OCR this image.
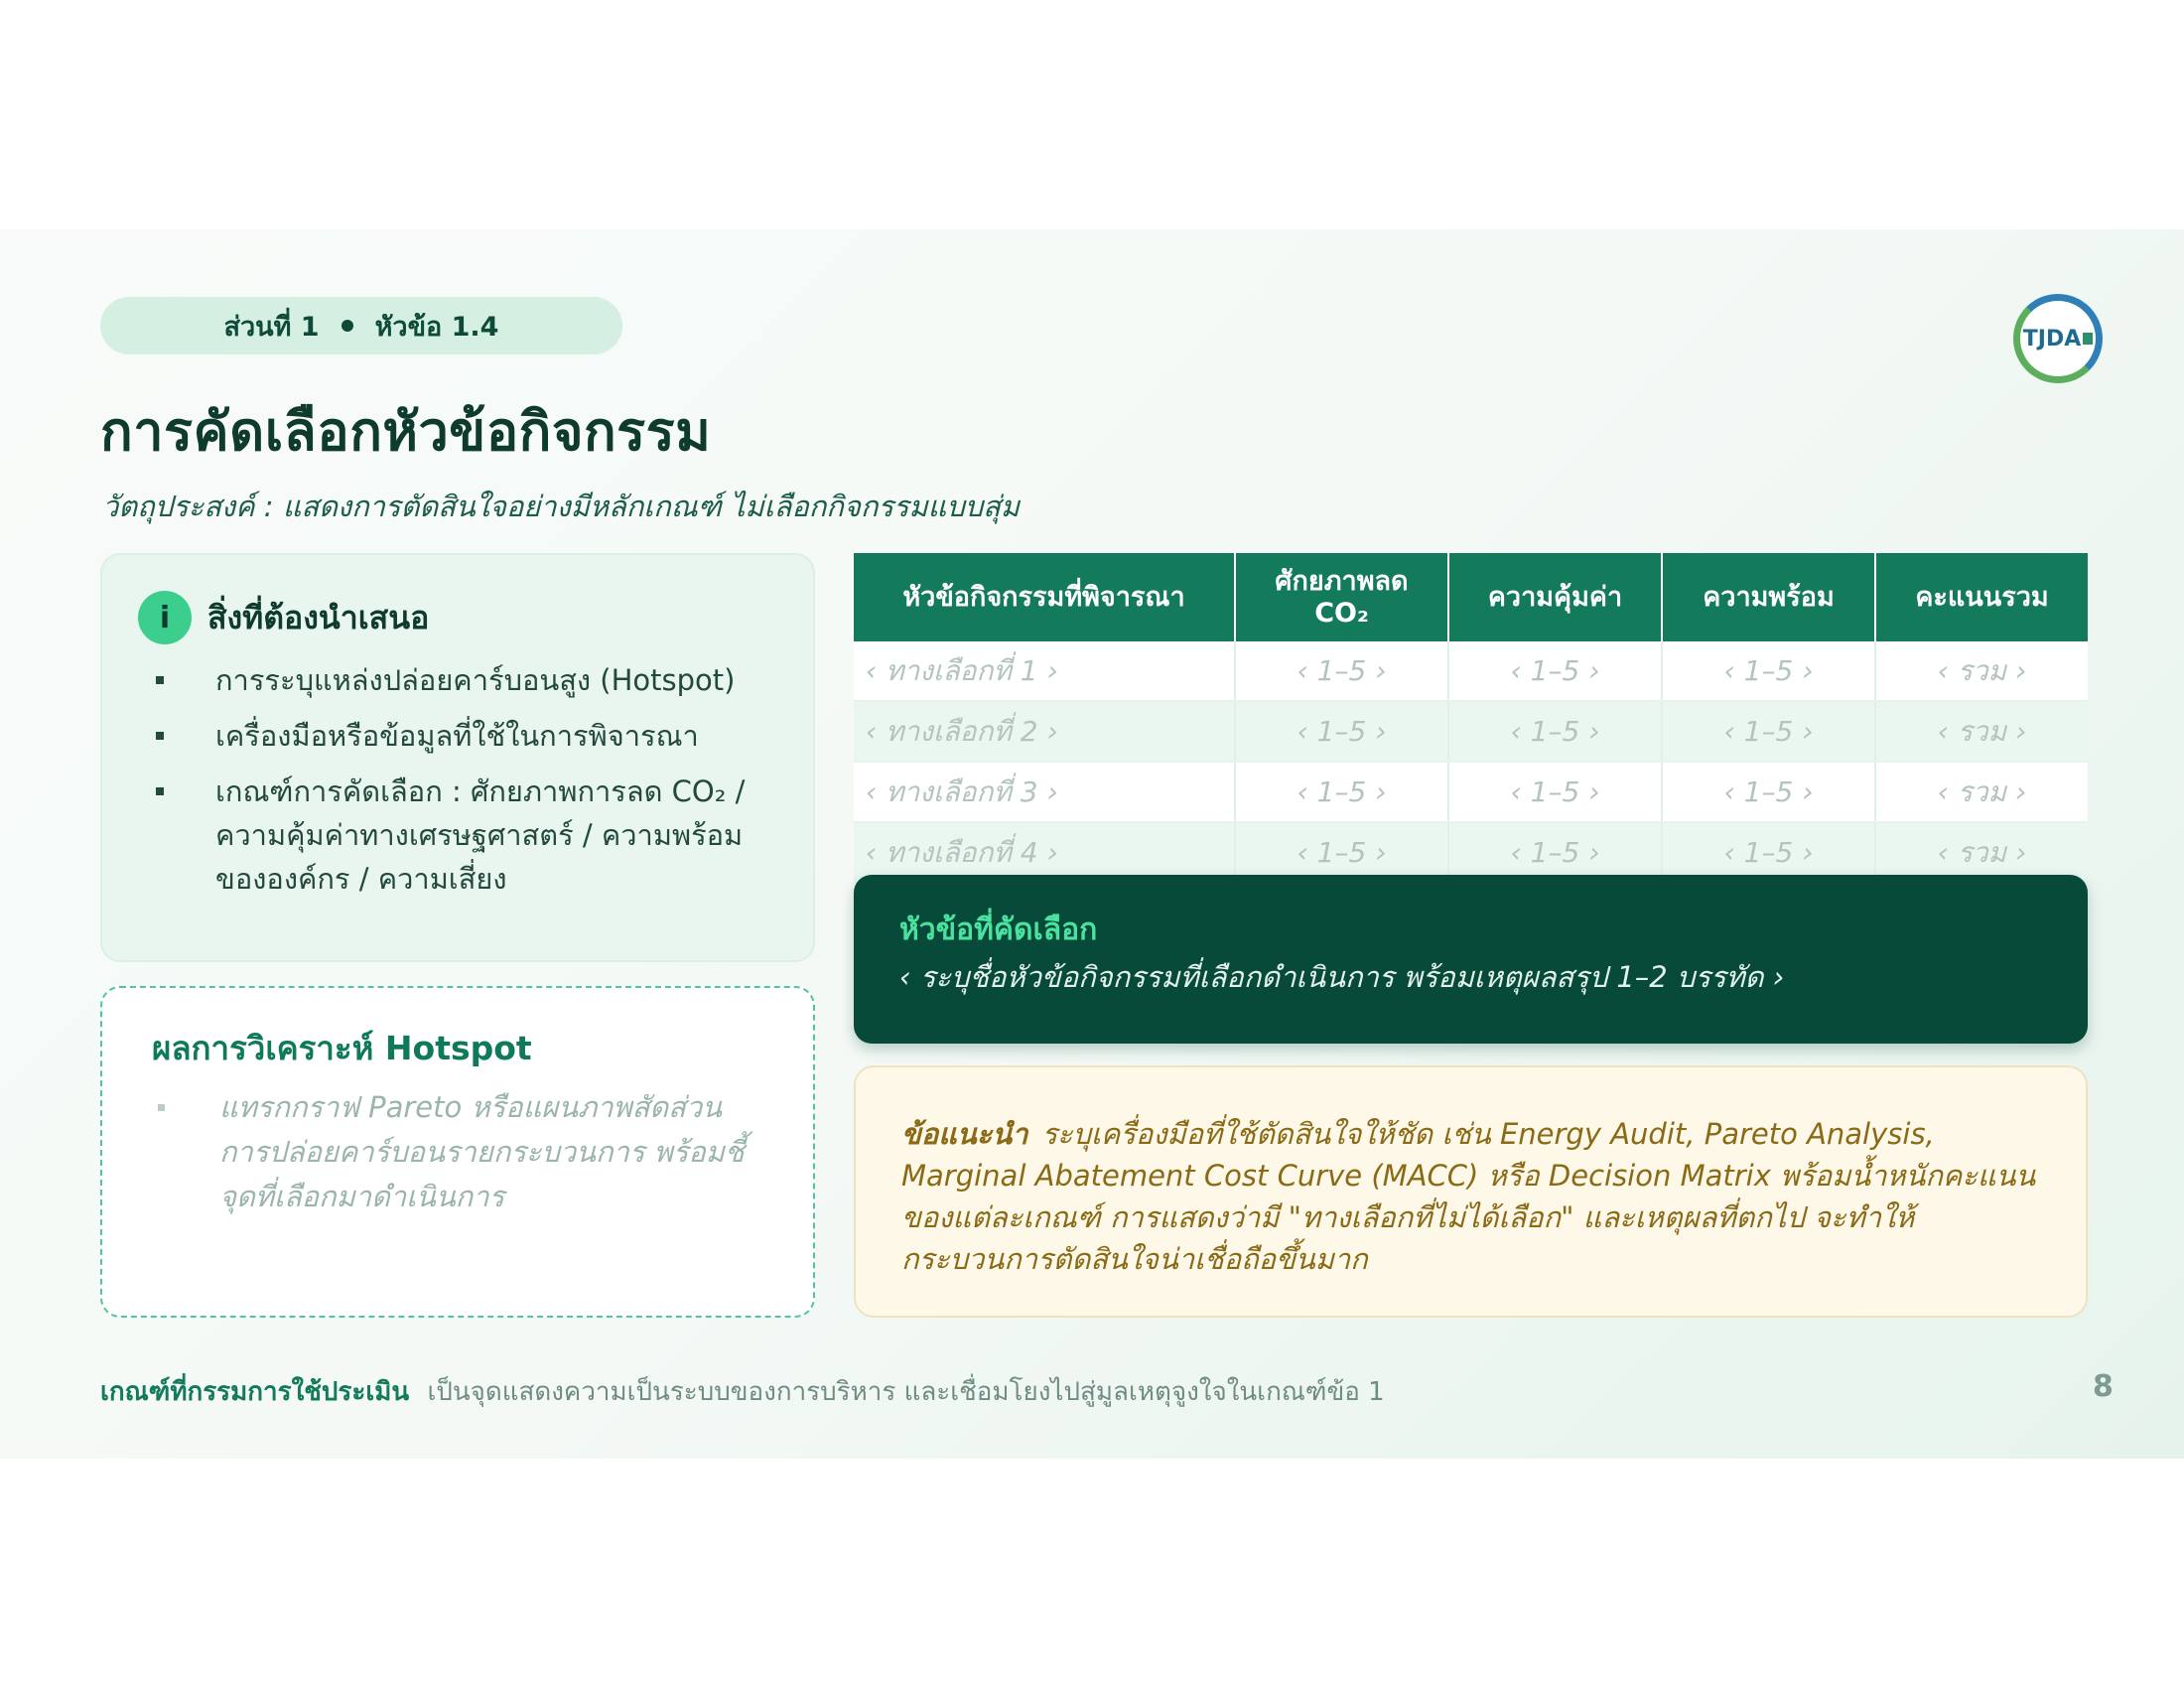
ส่วนที่ 1 หัวข้อ 1.4	TJDA
การคัดเลือกหัวข้อกิจกรรม
วัตถุประสงค์ : แสดงการตัดสินใจอย่างมีหลักเกณฑ์ ไม่เลือกกิจกรรมแบบสุ่ม
i	สิ่งที่ต้องนำเสนอ
การระบุแหล่งปล่อยคาร์บอนสูง (Hotspot)
เครื่องมือหรือข้อมูลที่ใช้ในการพิจารณา
เกณฑ์การคัดเลือก : ศักยภาพการลด CO₂ / ความคุ้มค่าทางเศรษฐศาสตร์ / ความพร้อมขององค์กร / ความเสี่ยง
ผลการวิเคราะห์ Hotspot
แทรกกราฟ Pareto หรือแผนภาพสัดส่วนการปล่อยคาร์บอนรายกระบวนการ พร้อมชี้จุดที่เลือกมาดำเนินการ
หัวข้อกิจกรรมที่พิจารณา	ศักยภาพลด CO₂	ความคุ้มค่า	ความพร้อม	คะแนนรวม
‹ ทางเลือกที่ 1 ›	‹ 1–5 ›	‹ 1–5 ›	‹ 1–5 ›	‹ รวม ›
‹ ทางเลือกที่ 2 ›	‹ 1–5 ›	‹ 1–5 ›	‹ 1–5 ›	‹ รวม ›
‹ ทางเลือกที่ 3 ›	‹ 1–5 ›	‹ 1–5 ›	‹ 1–5 ›	‹ รวม ›
‹ ทางเลือกที่ 4 ›	‹ 1–5 ›	‹ 1–5 ›	‹ 1–5 ›	‹ รวม ›
หัวข้อที่คัดเลือก
‹ ระบุชื่อหัวข้อกิจกรรมที่เลือกดำเนินการ พร้อมเหตุผลสรุป 1–2 บรรทัด ›
ข้อแนะนำ ระบุเครื่องมือที่ใช้ตัดสินใจให้ชัด เช่น Energy Audit, Pareto Analysis, Marginal Abatement Cost Curve (MACC) หรือ Decision Matrix พร้อมน้ำหนักคะแนนของแต่ละเกณฑ์ การแสดงว่ามี "ทางเลือกที่ไม่ได้เลือก" และเหตุผลที่ตกไป จะทำให้กระบวนการตัดสินใจน่าเชื่อถือขึ้นมาก
เกณฑ์ที่กรรมการใช้ประเมิน เป็นจุดแสดงความเป็นระบบของการบริหาร และเชื่อมโยงไปสู่มูลเหตุจูงใจในเกณฑ์ข้อ 1	8
